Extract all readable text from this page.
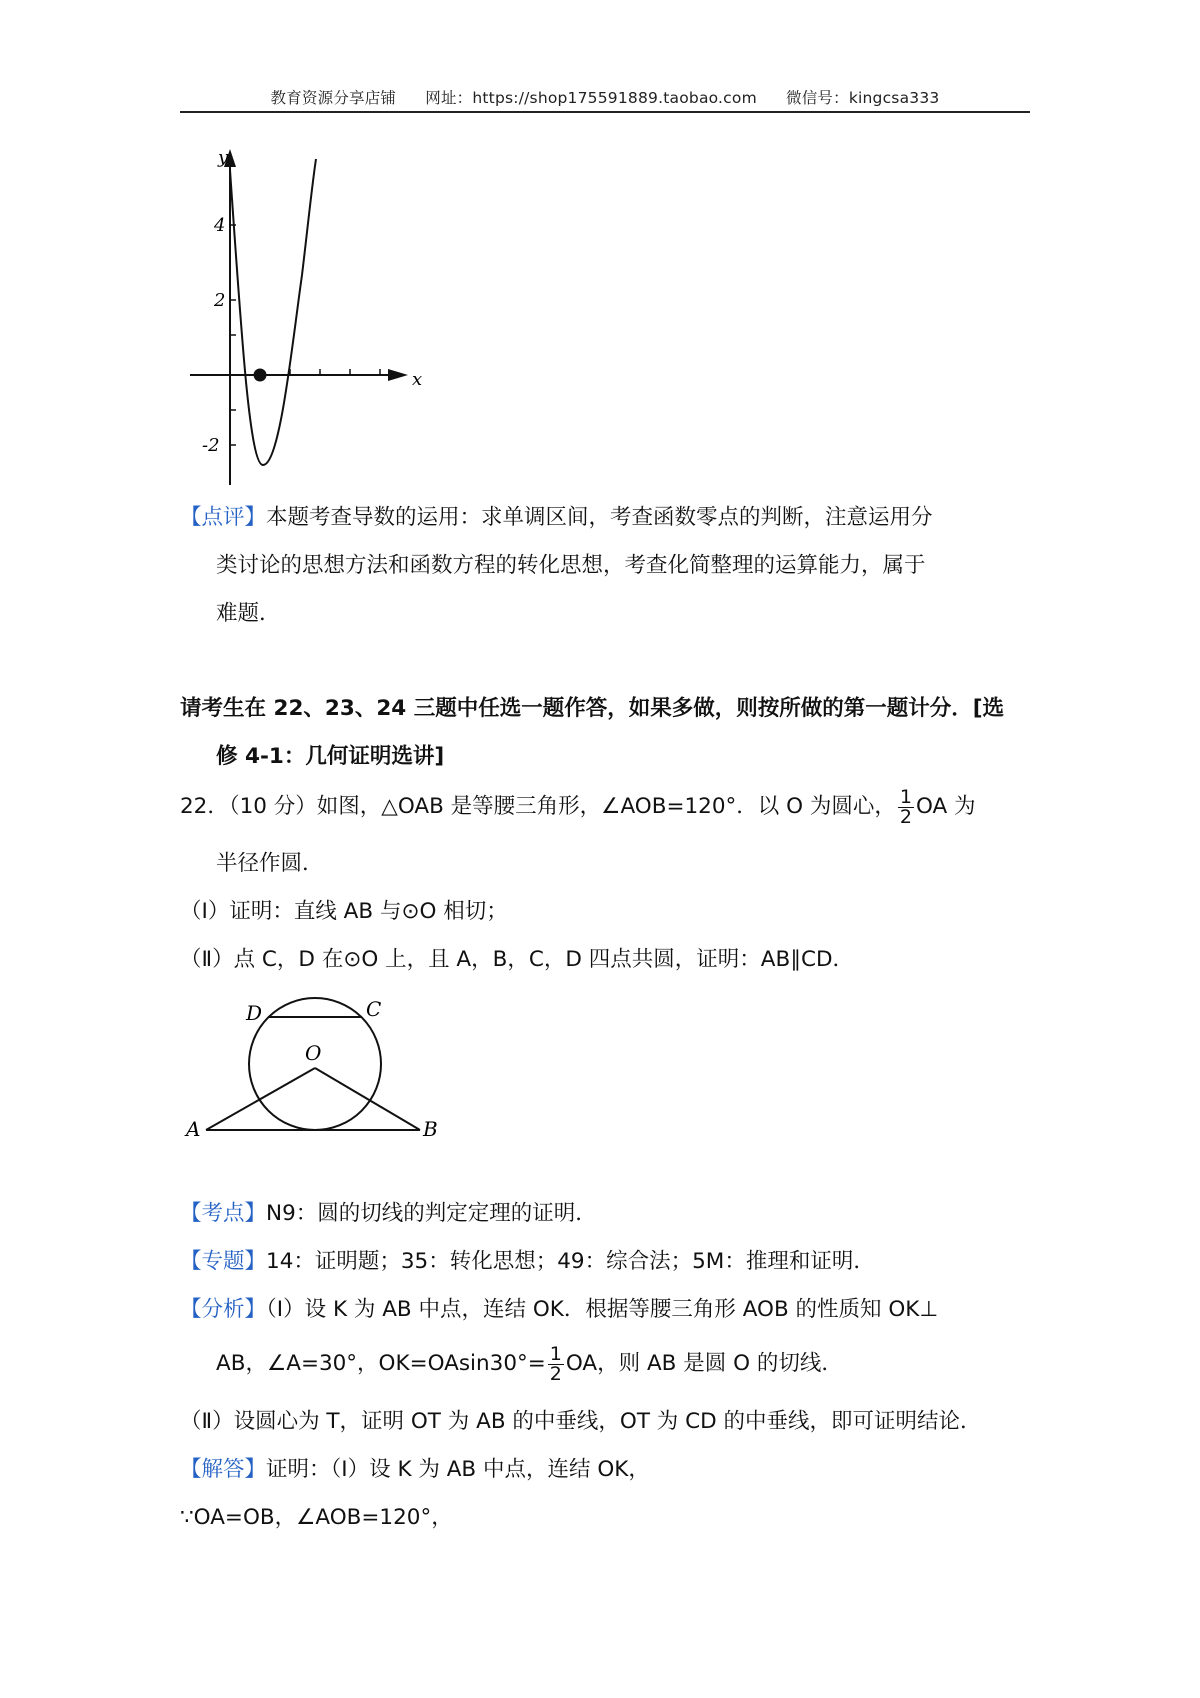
教育资源分享店铺 网址：https://shop175591889.taobao.com 微信号：kingcsa333
y
x
4
2
-2
【点评】本题考查导数的运用：求单调区间，考查函数零点的判断，注意运用分
类讨论的思想方法和函数方程的转化思想，考查化简整理的运算能力，属于
难题．
请考生在 22、23、24 三题中任选一题作答，如果多做，则按所做的第一题计分．[选
修 4-1：几何证明选讲]
22．（10 分）如图，△OAB 是等腰三角形，∠AOB=120°．以 O 为圆心， $\frac{1}{2}$ OA 为
半径作圆．
（Ⅰ）证明：直线 AB 与⊙O 相切；
（Ⅱ）点 C，D 在⊙O 上，且 A，B，C，D 四点共圆，证明：AB∥CD．
D	C
O
A	B
【考点】N9：圆的切线的判定定理的证明．
【专题】14：证明题；35：转化思想；49：综合法；5M：推理和证明．
【分析】（Ⅰ）设 K 为 AB 中点，连结 OK．根据等腰三角形 AOB 的性质知 OK⊥
AB，∠A=30°，$OK=OAsin30^\circ= \frac{1}{2}$ OA，则 AB 是圆 O 的切线．
（Ⅱ）设圆心为 T，证明 OT 为 AB 的中垂线，OT 为 CD 的中垂线，即可证明结论．
【解答】证明：（Ⅰ）设 K 为 AB 中点，连结 OK，
∵OA=OB，∠AOB=120°，
